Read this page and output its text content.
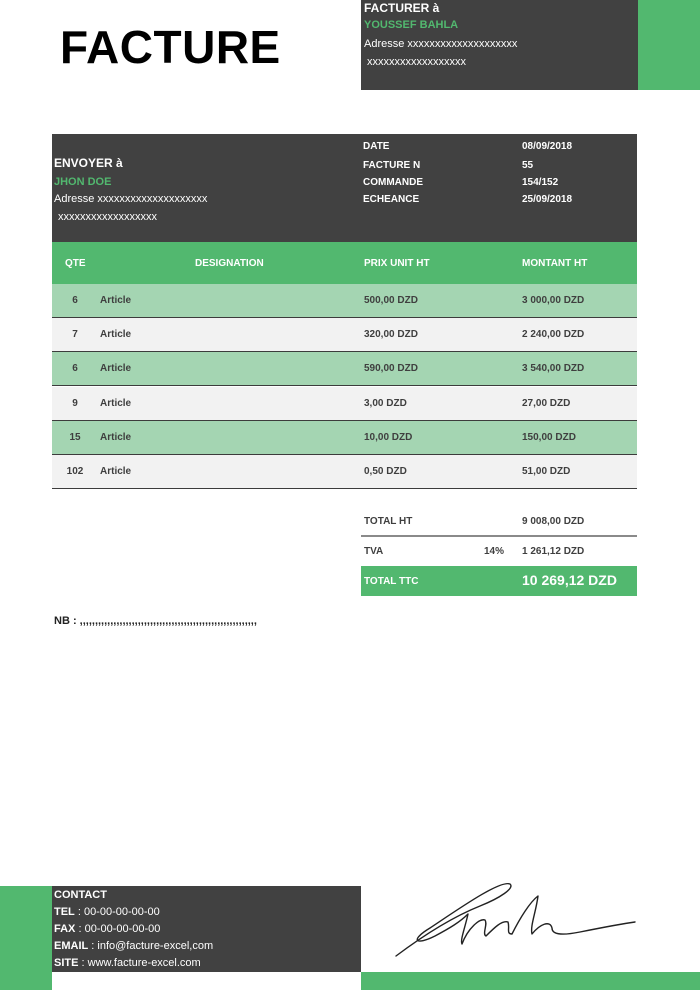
FACTURE
FACTURER à
YOUSSEF BAHLA
Adresse xxxxxxxxxxxxxxxxxxxx
xxxxxxxxxxxxxxxxxx
ENVOYER à
JHON DOE
Adresse xxxxxxxxxxxxxxxxxxxx
xxxxxxxxxxxxxxxxxx
DATE	08/09/2018
FACTURE N	55
COMMANDE	154/152
ECHEANCE	25/09/2018
QTE	DESIGNATION	PRIX UNIT HT	MONTANT HT
6	Article	500,00 DZD	3 000,00 DZD
7	Article	320,00 DZD	2 240,00 DZD
6	Article	590,00 DZD	3 540,00 DZD
9	Article	3,00 DZD	27,00 DZD
15	Article	10,00 DZD	150,00 DZD
102	Article	0,50 DZD	51,00 DZD
TOTAL HT	9 008,00 DZD
TVA	14% 1 261,12 DZD
TOTAL TTC	10 269,12 DZD
NB : ,,,,,,,,,,,,,,,,,,,,,,,,,,,,,,,,,,,,,,,,,,,,,,,,,,,,,,,,,,
CONTACT
TEL : 00-00-00-00-00
FAX : 00-00-00-00-00
EMAIL : info@facture-excel,com
SITE : www.facture-excel.com
